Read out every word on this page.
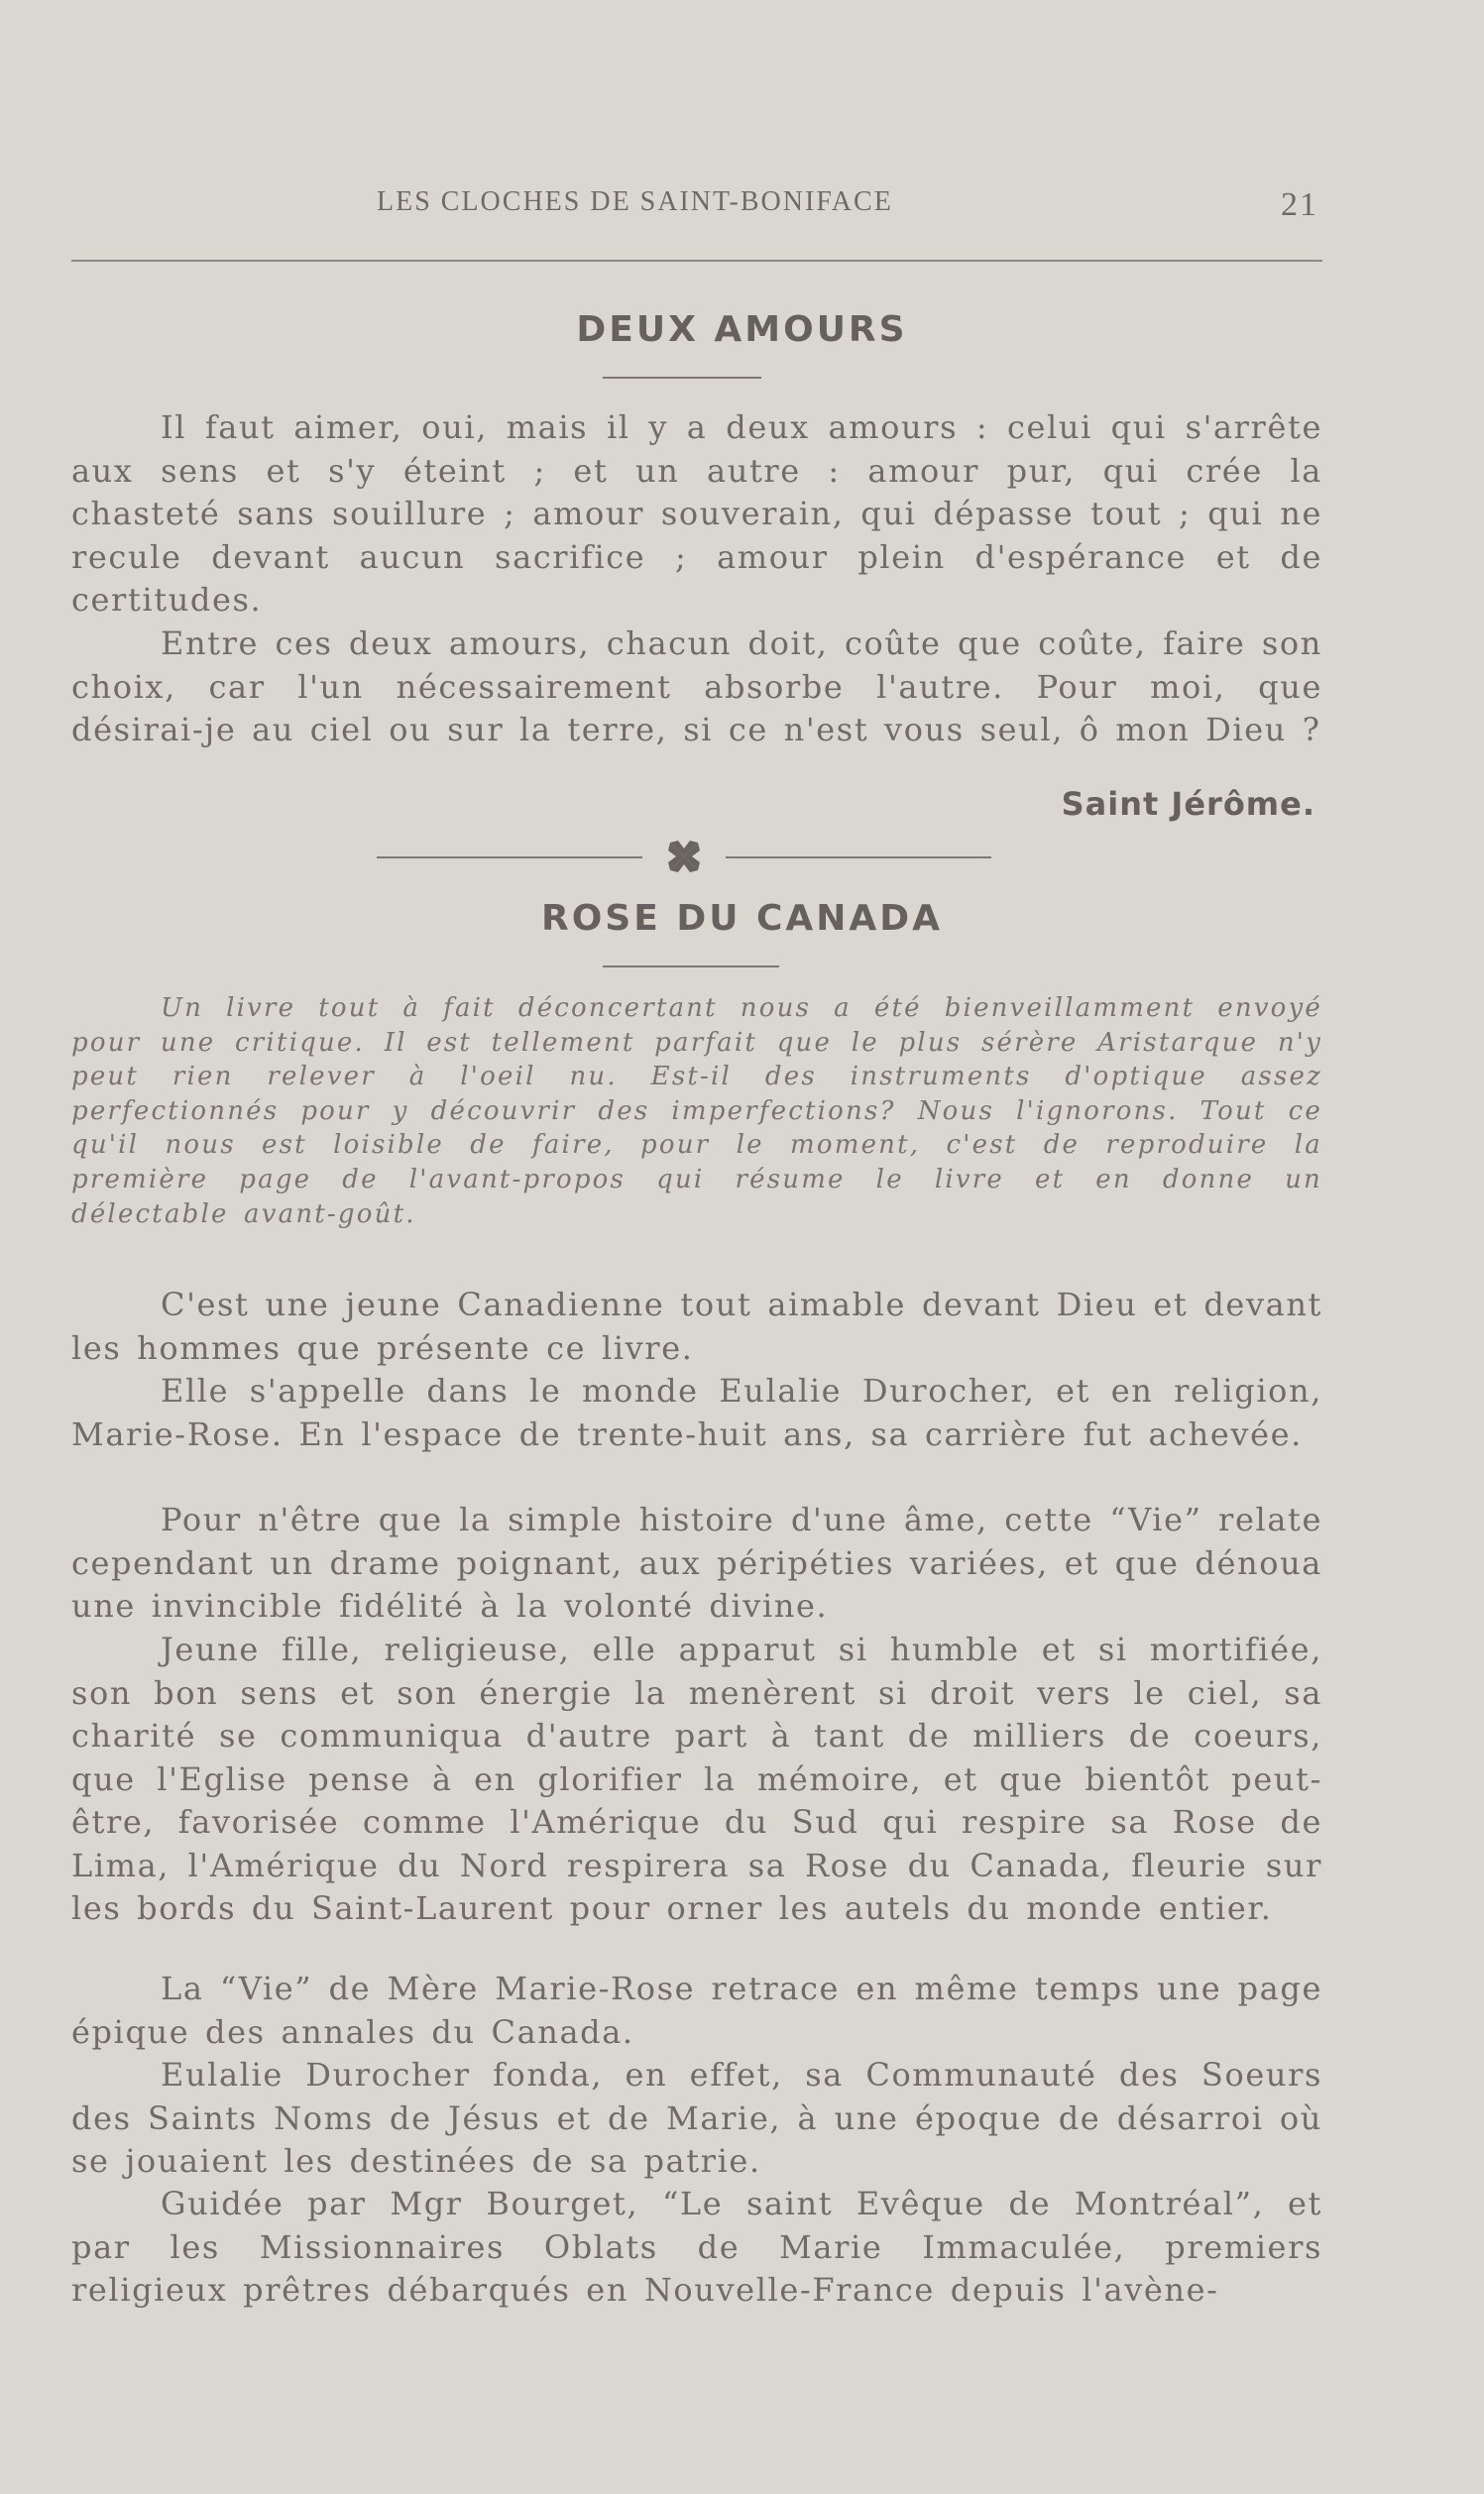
LES CLOCHES DE SAINT-BONIFACE	21
DEUX AMOURS

Il faut aimer, oui, mais il y a deux amours : celui qui s'arrête aux sens et s'y éteint ; et un autre : amour pur, qui crée la chasteté sans souillure ; amour souverain, qui dépasse tout ; qui ne recule devant aucun sacrifice ; amour plein d'espérance et de certitudes.

Entre ces deux amours, chacun doit, coûte que coûte, faire son choix, car l'un nécessairement absorbe l'autre. Pour moi, que désirai-je au ciel ou sur la terre, si ce n'est vous seul, ô mon Dieu ?

Saint Jérôme.
ROSE DU CANADA

Un livre tout à fait déconcertant nous a été bienveillamment envoyé pour une critique. Il est tellement parfait que le plus sérère Aristarque n'y peut rien relever à l'oeil nu. Est-il des instruments d'optique assez perfectionnés pour y découvrir des imperfections? Nous l'ignorons. Tout ce qu'il nous est loisible de faire, pour le moment, c'est de reproduire la première page de l'avant-propos qui résume le livre et en donne un délectable avant-goût.

C'est une jeune Canadienne tout aimable devant Dieu et devant les hommes que présente ce livre.

Elle s'appelle dans le monde Eulalie Durocher, et en religion, Marie-Rose. En l'espace de trente-huit ans, sa carrière fut achevée.

Pour n'être que la simple histoire d'une âme, cette “Vie” relate cependant un drame poignant, aux péripéties variées, et que dénoua une invincible fidélité à la volonté divine.

Jeune fille, religieuse, elle apparut si humble et si mortifiée, son bon sens et son énergie la menèrent si droit vers le ciel, sa charité se communiqua d'autre part à tant de milliers de coeurs, que l'Eglise pense à en glorifier la mémoire, et que bientôt peut-être, favorisée comme l'Amérique du Sud qui respire sa Rose de Lima, l'Amérique du Nord respirera sa Rose du Canada, fleurie sur les bords du Saint-Laurent pour orner les autels du monde entier.

La “Vie” de Mère Marie-Rose retrace en même temps une page épique des annales du Canada.

Eulalie Durocher fonda, en effet, sa Communauté des Soeurs des Saints Noms de Jésus et de Marie, à une époque de désarroi où se jouaient les destinées de sa patrie.

Guidée par Mgr Bourget, “Le saint Evêque de Montréal”, et par les Missionnaires Oblats de Marie Immaculée, premiers religieux prêtres débarqués en Nouvelle-France depuis l'avène-
